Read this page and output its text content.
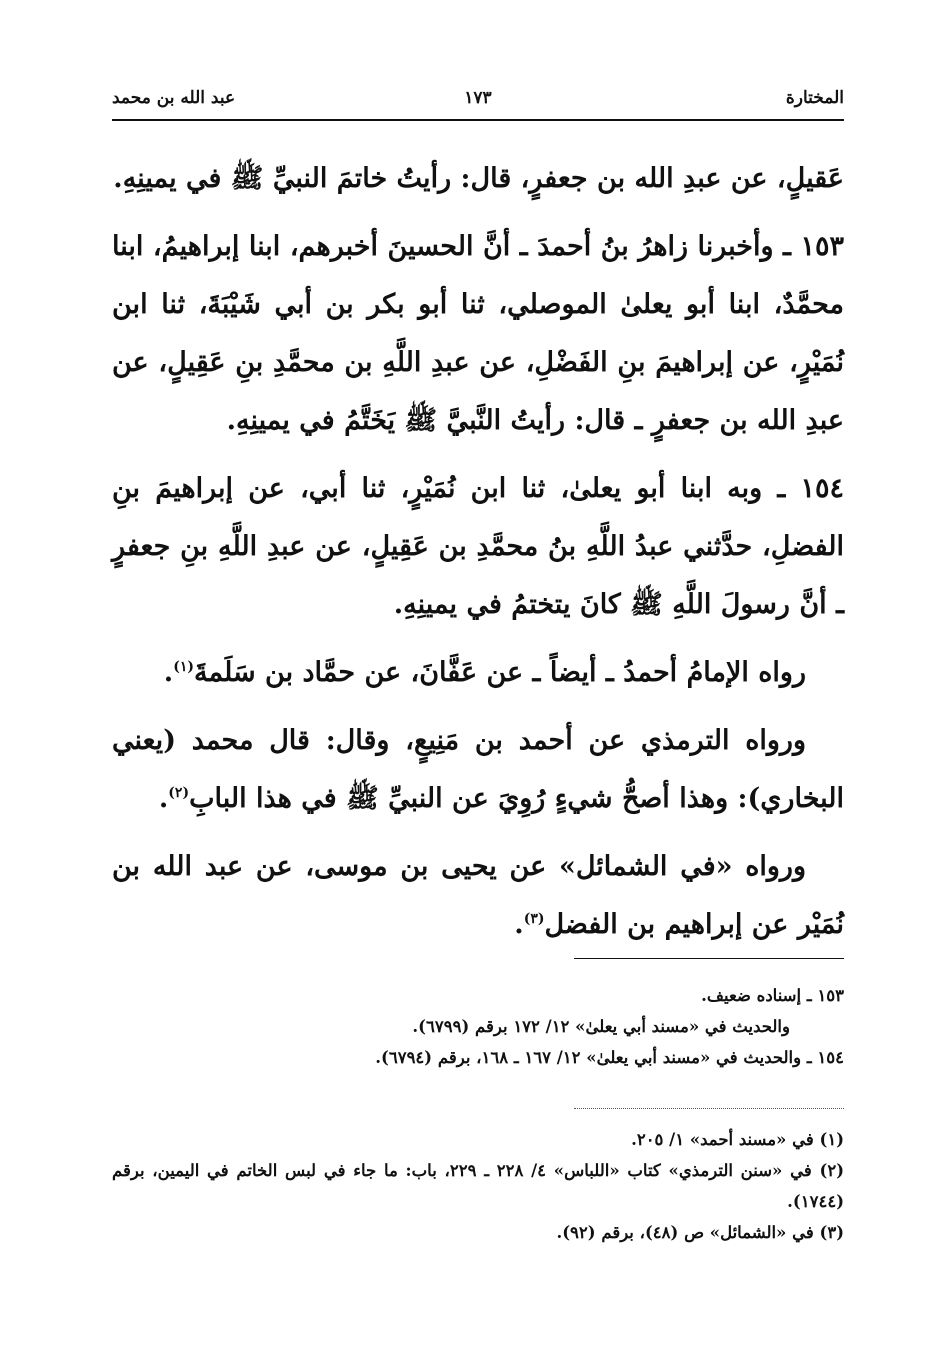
المختارة
١٧٣
عبد الله بن محمد

عَقيلٍ، عن عبدِ الله بن جعفرٍ، قال: رأيتُ خاتمَ النبيِّ ﷺ في يمينِهِ.

١٥٣ ـ وأخبرنا زاهرُ بنُ أحمدَ ـ أنَّ الحسينَ أخبرهم، ابنا إبراهيمُ، ابنا محمَّدٌ، ابنا أبو يعلىٰ الموصلي، ثنا أبو بكر بن أبي شَيْبَةَ، ثنا ابن نُمَيْرٍ، عن إبراهيمَ بنِ الفَضْلِ، عن عبدِ اللَّهِ بن محمَّدِ بنِ عَقِيلٍ، عن عبدِ الله بن جعفرٍ ـ قال: رأيتُ النَّبيَّ ﷺ يَخَتَّمُ في يمينِهِ.

١٥٤ ـ وبه ابنا أبو يعلىٰ، ثنا ابن نُمَيْرٍ، ثنا أبي، عن إبراهيمَ بنِ الفضلِ، حدَّثني عبدُ اللَّهِ بنُ محمَّدِ بن عَقِيلٍ، عن عبدِ اللَّهِ بنِ جعفرٍ ـ أنَّ رسولَ اللَّهِ ﷺ كانَ يتختمُ في يمينِهِ.

رواه الإمامُ أحمدُ ـ أيضاً ـ عن عَفَّانَ، عن حمَّاد بن سَلَمةَ$^{(١)}$.

ورواه الترمذي عن أحمد بن مَنِيعٍ، وقال: قال محمد (يعني البخاري): وهذا أصحُّ شيءٍ رُوِيَ عن النبيِّ ﷺ في هذا البابِ$^{(٢)}$.

ورواه «في الشمائل» عن يحيى بن موسى، عن عبد الله بن نُمَيْر عن إبراهيم بن الفضل$^{(٣)}$.

١٥٣ ـ إسناده ضعيف.

والحديث في «مسند أبي يعلىٰ» ١٢/ ١٧٢ برقم (٦٧٩٩).

١٥٤ ـ والحديث في «مسند أبي يعلىٰ» ١٢/ ١٦٧ ـ ١٦٨، برقم (٦٧٩٤).

(١) في «مسند أحمد» ١/ ٢٠٥.

(٢) في «سنن الترمذي» كتاب «اللباس» ٤/ ٢٢٨ ـ ٢٢٩، باب: ما جاء في لبس الخاتم في اليمين، برقم (١٧٤٤).

(٣) في «الشمائل» ص (٤٨)، برقم (٩٢).
